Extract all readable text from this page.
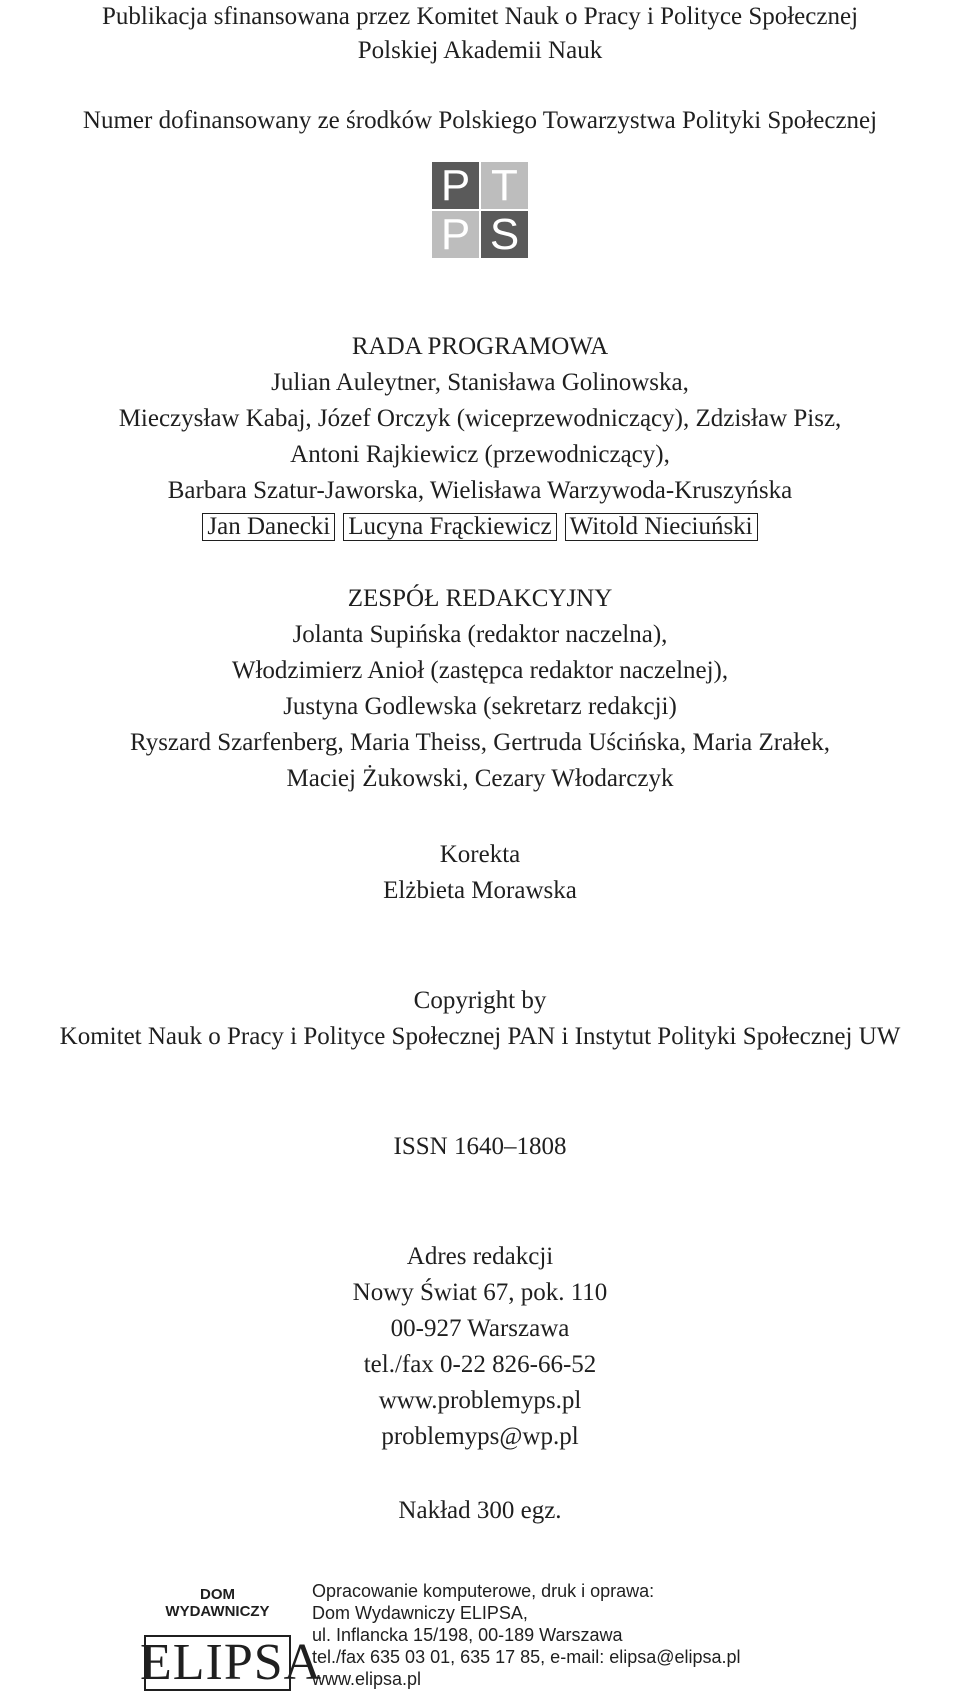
Publikacja sfinansowana przez Komitet Nauk o Pracy i Polityce Społecznej
Polskiej Akademii Nauk
Numer dofinansowany ze środków Polskiego Towarzystwa Polityki Społecznej
P T
P S
RADA PROGRAMOWA
Julian Auleytner, Stanisława Golinowska,
Mieczysław Kabaj, Józef Orczyk (wiceprzewodniczący), Zdzisław Pisz,
Antoni Rajkiewicz (przewodniczący),
Barbara Szatur-Jaworska, Wielisława Warzywoda-Kruszyńska
Jan Danecki Lucyna Frąckiewicz Witold Nieciuński
ZESPÓŁ REDAKCYJNY
Jolanta Supińska (redaktor naczelna),
Włodzimierz Anioł (zastępca redaktor naczelnej),
Justyna Godlewska (sekretarz redakcji)
Ryszard Szarfenberg, Maria Theiss, Gertruda Uścińska, Maria Zrałek,
Maciej Żukowski, Cezary Włodarczyk
Korekta
Elżbieta Morawska
Copyright by
Komitet Nauk o Pracy i Polityce Społecznej PAN i Instytut Polityki Społecznej UW
ISSN 1640–1808
Adres redakcji
Nowy Świat 67, pok. 110
00-927 Warszawa
tel./fax 0-22 826-66-52
www.problemyps.pl
problemyps@wp.pl
Nakład 300 egz.
DOM
WYDAWNICZY
ELIPSA
Opracowanie komputerowe, druk i oprawa:
Dom Wydawniczy ELIPSA,
ul. Inflancka 15/198, 00-189 Warszawa
tel./fax 635 03 01, 635 17 85, e-mail: elipsa@elipsa.pl
www.elipsa.pl
